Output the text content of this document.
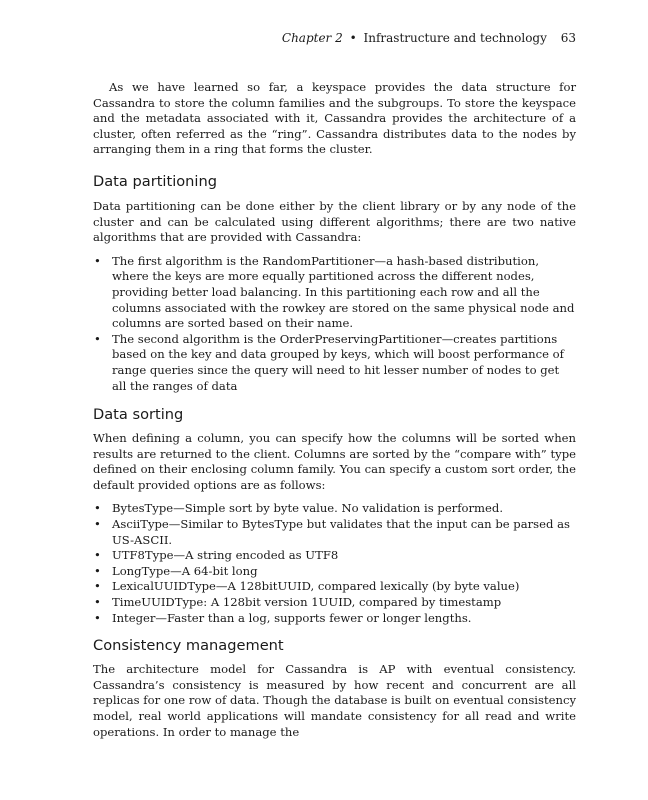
Chapter 2 • Infrastructure and technology 63

As we have learned so far, a keyspace provides the data structure for Cassandra to store the column families and the subgroups. To store the keyspace and the metadata associated with it, Cassandra provides the architecture of a cluster, often referred as the “ring”. Cassandra distributes data to the nodes by arranging them in a ring that forms the cluster.

Data partitioning

Data partitioning can be done either by the client library or by any node of the cluster and can be calculated using different algorithms; there are two native algorithms that are provided with Cassandra:

• The first algorithm is the RandomPartitioner—a hash-based distribution, where the keys are more equally partitioned across the different nodes, providing better load balancing. In this partitioning each row and all the columns associated with the rowkey are stored on the same physical node and columns are sorted based on their name.
• The second algorithm is the OrderPreservingPartitioner—creates partitions based on the key and data grouped by keys, which will boost performance of range queries since the query will need to hit lesser number of nodes to get all the ranges of data
Data sorting

When defining a column, you can specify how the columns will be sorted when results are returned to the client. Columns are sorted by the “compare with” type defined on their enclosing column family. You can specify a custom sort order, the default provided options are as follows:

• BytesType—Simple sort by byte value. No validation is performed.
• AsciiType—Similar to BytesType but validates that the input can be parsed as US-ASCII.
• UTF8Type—A string encoded as UTF8
• LongType—A 64-bit long
• LexicalUUIDType—A 128bitUUID, compared lexically (by byte value)
• TimeUUIDType: A 128bit version 1UUID, compared by timestamp
• Integer—Faster than a log, supports fewer or longer lengths.
Consistency management

The architecture model for Cassandra is AP with eventual consistency. Cassandra’s consistency is measured by how recent and concurrent are all replicas for one row of data. Though the database is built on eventual consistency model, real world applications will mandate consistency for all read and write operations. In order to manage the
